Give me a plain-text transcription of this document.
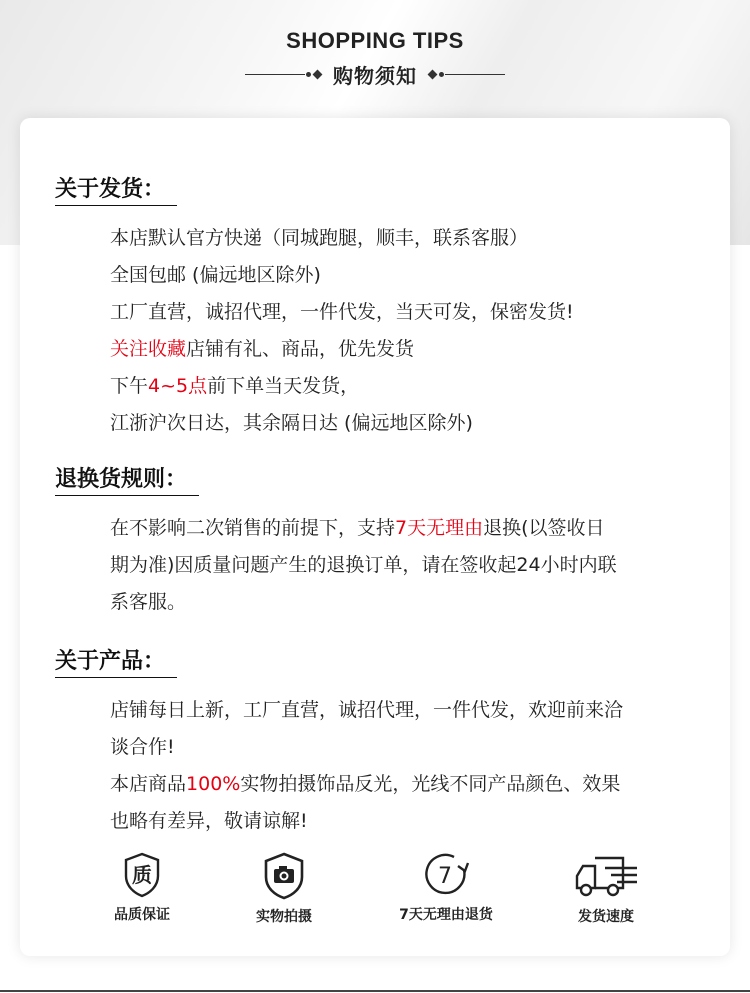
SHOPPING TIPS
购物须知
关于发货：

本店默认官方快递（同城跑腿，顺丰，联系客服）

全国包邮 (偏远地区除外)

工厂直营，诚招代理，一件代发，当天可发，保密发货!

关注收藏店铺有礼、商品，优先发货

下午4~5点前下单当天发货，

江浙沪次日达，其余隔日达 (偏远地区除外)

退换货规则：

在不影响二次销售的前提下，支持7天无理由退换(以签收日

期为准)因质量问题产生的退换订单，请在签收起24小时内联

系客服。

关于产品：

店铺每日上新，工厂直营，诚招代理，一件代发，欢迎前来洽

谈合作!

本店商品100%实物拍摄饰品反光，光线不同产品颜色、效果

也略有差异，敬请谅解!

质
品质保证	实物拍摄
7
7天无理由退货	发货速度
